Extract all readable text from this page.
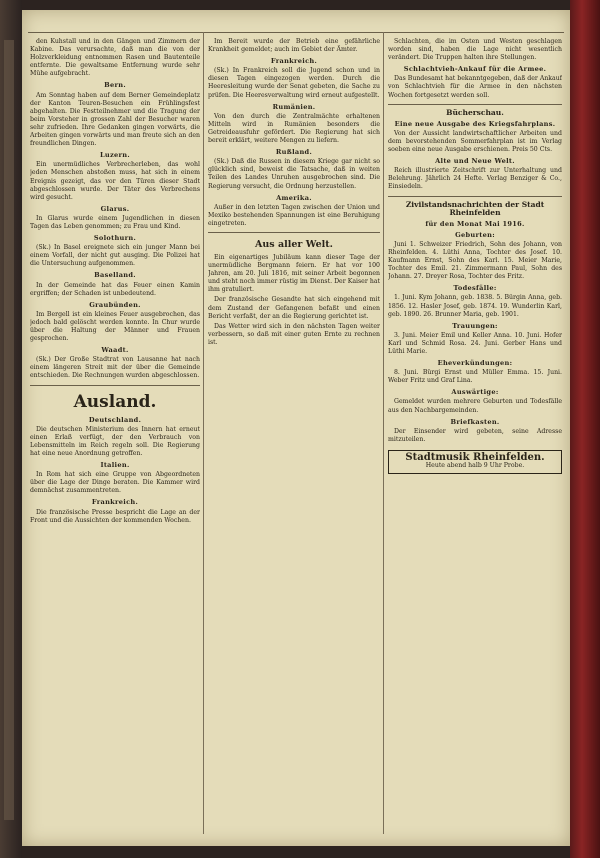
den Kuhstall und in den Gängen und Zimmern der Kabine. Das verursachte, daß man die von der Holzverkleidung entnommen Rasen und Bautenteile entfernte. Die gewaltsame Entfernung wurde sehr Mühe aufgebracht.

Bern.

Am Sonntag haben auf dem Berner Gemeindeplatz der Kanton Teuren-Besuchen ein Frühlingsfest abgehalten. Die Festteilnehmer und die Tragung der beim Vorsteher in grossen Zahl der Besucher waren sehr zufrieden. Ihre Gedanken gingen vorwärts, die Arbeiten gingen vorwärts und man freute sich an den freundlichen Dingen.

Luzern.

Ein unermüdliches Verbrecherleben, das wohl jeden Menschen abstoßen muss, hat sich in einem Ereignis gezeigt, das vor den Türen dieser Stadt abgeschlossen wurde. Der Täter des Verbrechens wird gesucht.

Glarus.

In Glarus wurde einem Jugendlichen in diesen Tagen das Leben genommen; zu Frau und Kind.

Solothurn.

(Sk.) In Basel ereignete sich ein junger Mann bei einem Vorfall, der nicht gut ausging. Die Polizei hat die Untersuchung aufgenommen.

Baselland.

In der Gemeinde hat das Feuer einen Kamin ergriffen; der Schaden ist unbedeutend.

Graubünden.

Im Bergell ist ein kleines Feuer ausgebrochen, das jedoch bald gelöscht werden konnte. In Chur wurde über die Haltung der Männer und Frauen gesprochen.

Waadt.

(Sk.) Der Große Stadtrat von Lausanne hat nach einem längeren Streit mit der über die Gemeinde entschieden. Die Rechnungen wurden abgeschlossen.

Ausland.
Deutschland.

Die deutschen Ministerium des Innern hat erneut einen Erlaß verfügt, der den Verbrauch von Lebensmitteln im Reich regeln soll. Die Regierung hat eine neue Anordnung getroffen.

Italien.

In Rom hat sich eine Gruppe von Abgeordneten über die Lage der Dinge beraten. Die Kammer wird demnächst zusammentreten.

Frankreich.

Die französische Presse bespricht die Lage an der Front und die Aussichten der kommenden Wochen.

Im Bereit wurde der Betrieb eine gefährliche Krankheit gemeldet; auch im Gebiet der Ämter.

Frankreich.

(Sk.) In Frankreich soll die Jugend schon und in diesen Tagen eingezogen werden. Durch die Heeresleitung wurde der Senat gebeten, die Sache zu prüfen. Die Heeresverwaltung wird erneut aufgestellt.

Rumänien.

Von den durch die Zentralmächte erhaltenen Mitteln wird in Rumänien besonders die Getreideausfuhr gefördert. Die Regierung hat sich bereit erklärt, weitere Mengen zu liefern.

Rußland.

(Sk.) Daß die Russen in diesem Kriege gar nicht so glücklich sind, beweist die Tatsache, daß in weiten Teilen des Landes Unruhen ausgebrochen sind. Die Regierung versucht, die Ordnung herzustellen.

Amerika.

Außer in den letzten Tagen zwischen der Union und Mexiko bestehenden Spannungen ist eine Beruhigung eingetreten.

Aus aller Welt.

Ein eigenartiges Jubiläum kann dieser Tage der unermüdliche Bergmann feiern. Er hat vor 100 Jahren, am 20. Juli 1816, mit seiner Arbeit begonnen und steht noch immer rüstig im Dienst. Der Kaiser hat ihm gratuliert.

Der französische Gesandte hat sich eingehend mit dem Zustand der Gefangenen befaßt und einen Bericht verfaßt, der an die Regierung gerichtet ist.

Das Wetter wird sich in den nächsten Tagen weiter verbessern, so daß mit einer guten Ernte zu rechnen ist.

Schlachten, die im Osten und Westen geschlagen worden sind, haben die Lage nicht wesentlich verändert. Die Truppen halten ihre Stellungen.

Schlachtvieh-Ankauf für die Armee.

Das Bundesamt hat bekanntgegeben, daß der Ankauf von Schlachtvieh für die Armee in den nächsten Wochen fortgesetzt werden soll.

Bücherschau.
Eine neue Ausgabe des Kriegsfahrplans.

Von der Aussicht landwirtschaftlicher Arbeiten und dem bevorstehenden Sommerfahrplan ist im Verlag soeben eine neue Ausgabe erschienen. Preis 50 Cts.

Alte und Neue Welt.

Reich illustrierte Zeitschrift zur Unterhaltung und Belehrung. Jährlich 24 Hefte. Verlag Benziger & Co., Einsiedeln.

Zivilstandsnachrichten der Stadt Rheinfelden
für den Monat Mai 1916.
Geburten:

Juni 1. Schweizer Friedrich, Sohn des Johann, von Rheinfelden. 4. Lüthi Anna, Tochter des Josef. 10. Kaufmann Ernst, Sohn des Karl. 15. Meier Marie, Tochter des Emil. 21. Zimmermann Paul, Sohn des Johann. 27. Dreyer Rosa, Tochter des Fritz.

Todesfälle:

1. Juni. Kym Johann, geb. 1838. 5. Bürgin Anna, geb. 1856. 12. Hasler Josef, geb. 1874. 19. Wunderlin Karl, geb. 1890. 26. Brunner Maria, geb. 1901.

Trauungen:

3. Juni. Meier Emil und Keller Anna. 10. Juni. Hofer Karl und Schmid Rosa. 24. Juni. Gerber Hans und Lüthi Marie.

Eheverkündungen:

8. Juni. Bürgi Ernst und Müller Emma. 15. Juni. Weber Fritz und Graf Lina.

Auswärtige:

Gemeldet wurden mehrere Geburten und Todesfälle aus den Nachbargemeinden.

Briefkasten.

Der Einsender wird gebeten, seine Adresse mitzuteilen.

Stadtmusik Rheinfelden.
Heute abend halb 9 Uhr Probe.
